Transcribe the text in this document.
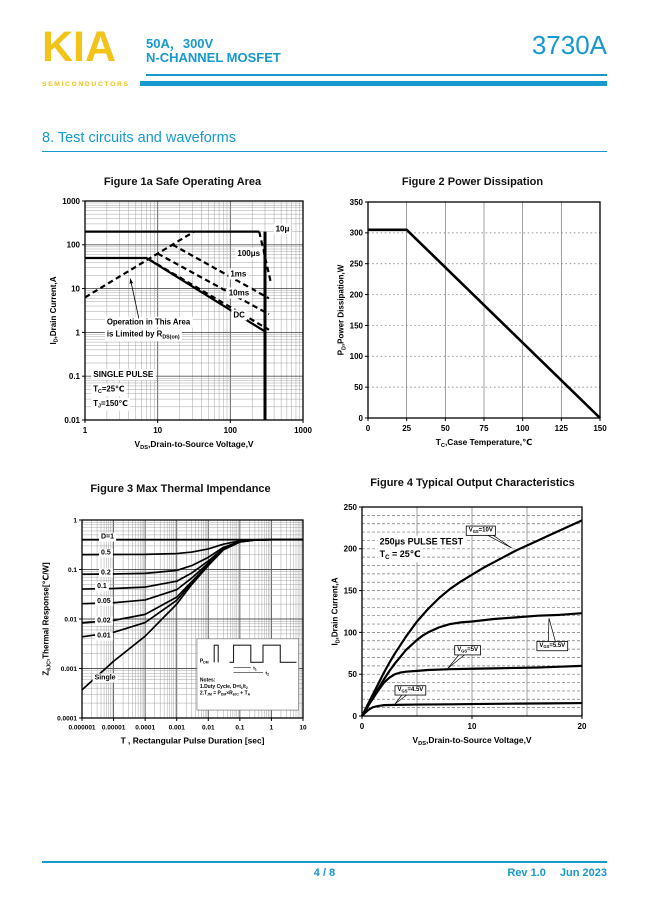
KIA
SEMICONDUCTORS
50A，300V
N-CHANNEL MOSFET	3730A
8. Test circuits and waveforms
Figure 1a Safe Operating Area
10μ
100μs
1ms
10ms
DC
Operation in This Area
is Limited by $R_{DS(on)}$
SINGLE PULSE
$T_C=25℃$
$T_J=150℃$
1	10	100	1000
0.01
0.1
1
10
100
1000
$V_{DS},Drain-to$-Source Voltage,V
$I_D,Drain$ Current,A
Figure 2 Power Dissipation
0	25	50	75	100	125	150
0
50
100
150
200
250
300
350
$T_C,Case$ Temperature,℃
$P_D,Power$ Dissipation,W
Figure 3 Max Thermal Impendance
$P_{DM}$
$t_1$
$t_2$
Notes:
1.Duty Cycle, $D=t_1/t_2$
$2.T_{JM} = P_{DM}\times R_{\theta JC} + T_A$
D=1
0.5
0.2
0.1
0.05
0.02
0.01
Single
0.000001 0.00001 0.0001 0.001	0.01	0.1	1	10
0.0001
0.001
0.01
0.1
1
T , Rectangular Pulse Duration [sec]
$Z_{\theta JC},Thermal$ Response[℃/W]
Figure 4 Typical Output Characteristics
250μs PULSE TEST
$T_C$ = 25℃
$V_{GS}=10V$
$V_{GS}=5.5V$
$V_{GS}=5V$
$V_{GS}=4.5V$
0	10	20
0
50
100
150
200
250
$V_{DS},Drain-to$-Source Voltage,V
$I_D,Drain$ Current,A
4 / 8	Rev 1.0 Jun 2023
